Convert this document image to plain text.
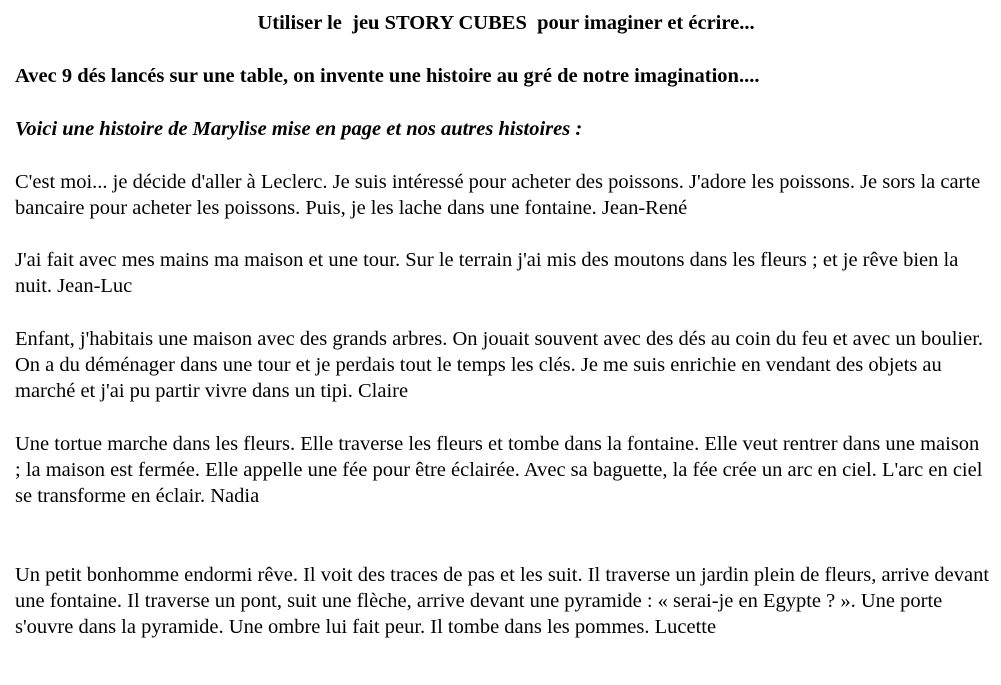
Utiliser le  jeu STORY CUBES  pour imaginer et écrire...
Avec 9 dés lancés sur une table, on invente une histoire au gré de notre imagination....
Voici une histoire de Marylise mise en page et nos autres histoires :

C'est moi... je décide d'aller à Leclerc. Je suis intéressé pour acheter des poissons. J'adore les poissons. Je sors la carte bancaire pour acheter les poissons. Puis, je les lache dans une fontaine. Jean-René

J'ai fait avec mes mains ma maison et une tour. Sur le terrain j'ai mis des moutons dans les fleurs ; et je rêve bien la nuit. Jean-Luc

Enfant, j'habitais une maison avec des grands arbres. On jouait souvent avec des dés au coin du feu et avec un boulier. On a du déménager dans une tour et je perdais tout le temps les clés. Je me suis enrichie en vendant des objets au marché et j'ai pu partir vivre dans un tipi. Claire

Une tortue marche dans les fleurs. Elle traverse les fleurs et tombe dans la fontaine. Elle veut rentrer dans une maison ; la maison est fermée. Elle appelle une fée pour être éclairée. Avec sa baguette, la fée crée un arc en ciel. L'arc en ciel se transforme en éclair. Nadia

Un petit bonhomme endormi rêve. Il voit des traces de pas et les suit. Il traverse un jardin plein de fleurs, arrive devant une fontaine. Il traverse un pont, suit une flèche, arrive devant une pyramide : « serai-je en Egypte ? ». Une porte s'ouvre dans la pyramide. Une ombre lui fait peur. Il tombe dans les pommes. Lucette
